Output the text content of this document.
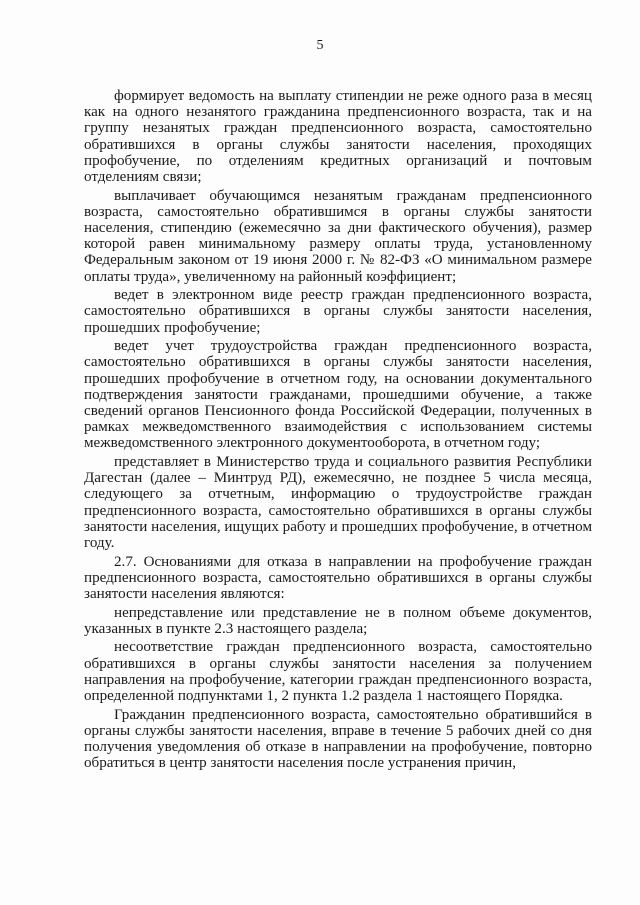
5

формирует ведомость на выплату стипендии не реже одного раза в месяц как на одного незанятого гражданина предпенсионного возраста, так и на группу незанятых граждан предпенсионного возраста, самостоятельно обратившихся в органы службы занятости населения, проходящих профобучение, по отделениям кредитных организаций и почтовым отделениям связи;

выплачивает обучающимся незанятым гражданам предпенсионного возраста, самостоятельно обратившимся в органы службы занятости населения, стипендию (ежемесячно за дни фактического обучения), размер которой равен минимальному размеру оплаты труда, установленному Федеральным законом от 19 июня 2000 г. № 82-ФЗ «О минимальном размере оплаты труда», увеличенному на районный коэффициент;

ведет в электронном виде реестр граждан предпенсионного возраста, самостоятельно обратившихся в органы службы занятости населения, прошедших профобучение;

ведет учет трудоустройства граждан предпенсионного возраста, самостоятельно обратившихся в органы службы занятости населения, прошедших профобучение в отчетном году, на основании документального подтверждения занятости гражданами, прошедшими обучение, а также сведений органов Пенсионного фонда Российской Федерации, полученных в рамках межведомственного взаимодействия с использованием системы межведомственного электронного документооборота, в отчетном году;

представляет в Министерство труда и социального развития Республики Дагестан (далее – Минтруд РД), ежемесячно, не позднее 5 числа месяца, следующего за отчетным, информацию о трудоустройстве граждан предпенсионного возраста, самостоятельно обратившихся в органы службы занятости населения, ищущих работу и прошедших профобучение, в отчетном году.

2.7. Основаниями для отказа в направлении на профобучение граждан предпенсионного возраста, самостоятельно обратившихся в органы службы занятости населения являются:

непредставление или представление не в полном объеме документов, указанных в пункте 2.3 настоящего раздела;

несоответствие граждан предпенсионного возраста, самостоятельно обратившихся в органы службы занятости населения за получением направления на профобучение, категории граждан предпенсионного возраста, определенной подпунктами 1, 2 пункта 1.2 раздела 1 настоящего Порядка.

Гражданин предпенсионного возраста, самостоятельно обратившийся в органы службы занятости населения, вправе в течение 5 рабочих дней со дня получения уведомления об отказе в направлении на профобучение, повторно обратиться в центр занятости населения после устранения причин,
